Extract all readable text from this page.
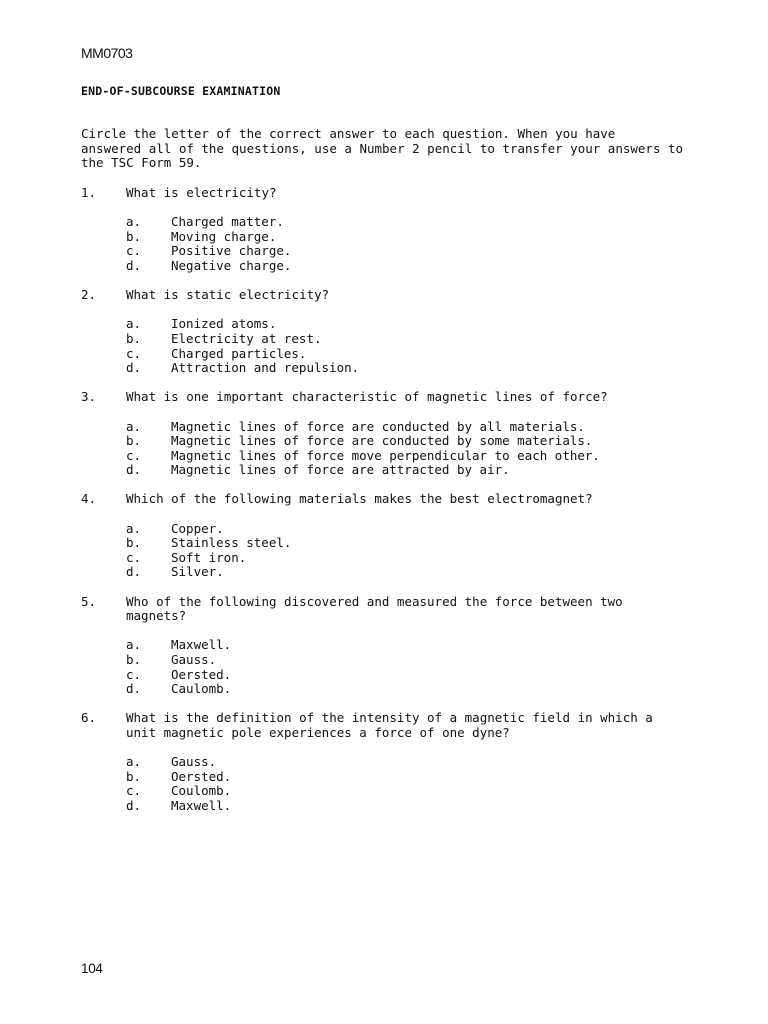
MM0703
END-OF-SUBCOURSE EXAMINATION
Circle the letter of the correct answer to each question. When you have
answered all of the questions, use a Number 2 pencil to transfer your answers to
the TSC Form 59.
1.	What is electricity?
a.	Charged matter.
b.	Moving charge.
c.	Positive charge.
d.	Negative charge.
2.	What is static electricity?
a.	Ionized atoms.
b.	Electricity at rest.
c.	Charged particles.
d.	Attraction and repulsion.
3.	What is one important characteristic of magnetic lines of force?
a.	Magnetic lines of force are conducted by all materials.
b.	Magnetic lines of force are conducted by some materials.
c.	Magnetic lines of force move perpendicular to each other.
d.	Magnetic lines of force are attracted by air.
4.	Which of the following materials makes the best electromagnet?
a.	Copper.
b.	Stainless steel.
c.	Soft iron.
d.	Silver.
5.	Who of the following discovered and measured the force between two
magnets?
a.	Maxwell.
b.	Gauss.
c.	Oersted.
d.	Caulomb.
6.	What is the definition of the intensity of a magnetic field in which a
unit magnetic pole experiences a force of one dyne?
a.	Gauss.
b.	Oersted.
c.	Coulomb.
d.	Maxwell.
104
